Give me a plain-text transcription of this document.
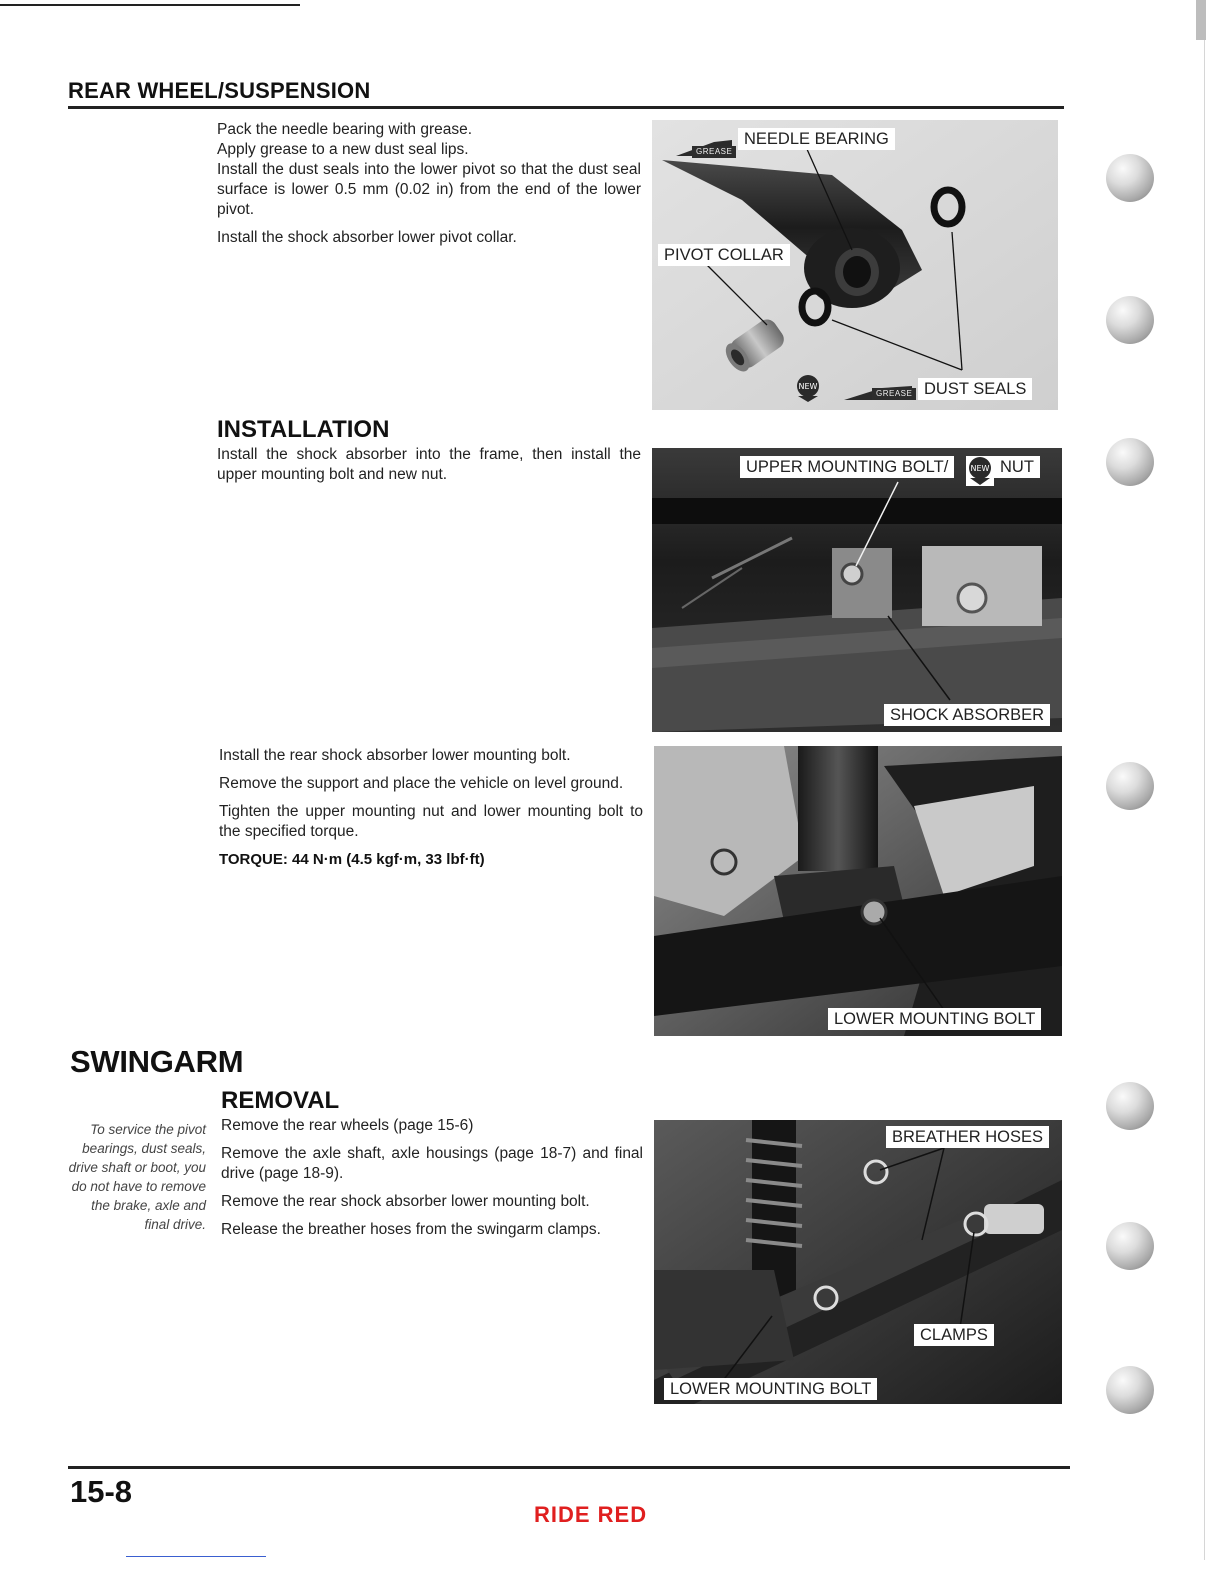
REAR WHEEL/SUSPENSION

Pack the needle bearing with grease.

Apply grease to a new dust seal lips.

Install the dust seals into the lower pivot so that the dust seal surface is lower 0.5 mm (0.02 in) from the end of the lower pivot.

Install the shock absorber lower pivot collar.

INSTALLATION
Install the shock absorber into the frame, then install the upper mounting bolt and new nut.

Install the rear shock absorber lower mounting bolt.

Remove the support and place the vehicle on level ground.

Tighten the upper mounting nut and lower mounting bolt to the specified torque.

TORQUE: 44 N·m (4.5 kgf·m, 33 lbf·ft)

SWINGARM
REMOVAL
To service the pivot bearings, dust seals, drive shaft or boot, you do not have to remove the brake, axle and final drive.

Remove the rear wheels (page 15-6)

Remove the axle shaft, axle housings (page 18-7) and final drive (page 18-9).

Remove the rear shock absorber lower mounting bolt.

Release the breather hoses from the swingarm clamps.

GREASE
NEEDLE BEARING
PIVOT COLLAR
NEW
GREASE DUST SEALS
UPPER MOUNTING BOLT/	NEW NUT
SHOCK ABSORBER
LOWER MOUNTING BOLT
BREATHER HOSES
CLAMPS
LOWER MOUNTING BOLT
15-8
RIDE RED
